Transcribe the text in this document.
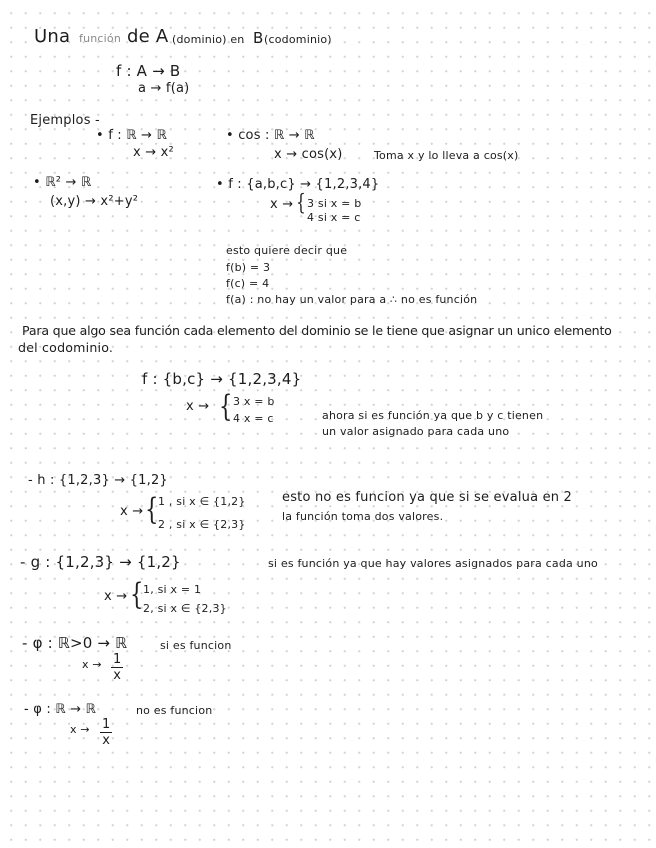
Una función de A (dominio) en B (codominio)
f : A → B
a → f(a)
Ejemplos -
• f : ℝ → ℝ
x → x²
• cos : ℝ → ℝ
x → cos(x)	Toma x y lo lleva a cos(x)
• ℝ² → ℝ
(x,y) → x²+y²
• f : {a,b,c} → {1,2,3,4}
x → { 3 si x = b
4 si x = c
esto quiere decir que
f(b) = 3
f(c) = 4
f(a) : no hay un valor para a ∴ no es función
Para que algo sea función cada elemento del dominio se le tiene que asignar un unico elemento
del codominio.
f : {b,c} → {1,2,3,4}
x → { 3 x = b
4 x = c	ahora si es función ya que b y c tienen
un valor asignado para cada uno
- h : {1,2,3} → {1,2}
x → { 1 , si x ∈ {1,2}
2 , si x ∈ {2,3}
esto no es funcion ya que si se evalua en 2
la función toma dos valores.
- g : {1,2,3} → {1,2}	si es función ya que hay valores asignados para cada uno
x → { 1, si x = 1
2, si x ∈ {2,3}
- φ : ℝ>0 → ℝ	si es funcion
$x \to \frac{1}{x}$
- φ : ℝ → ℝ	no es funcion
$x \to \frac{1}{x}$
